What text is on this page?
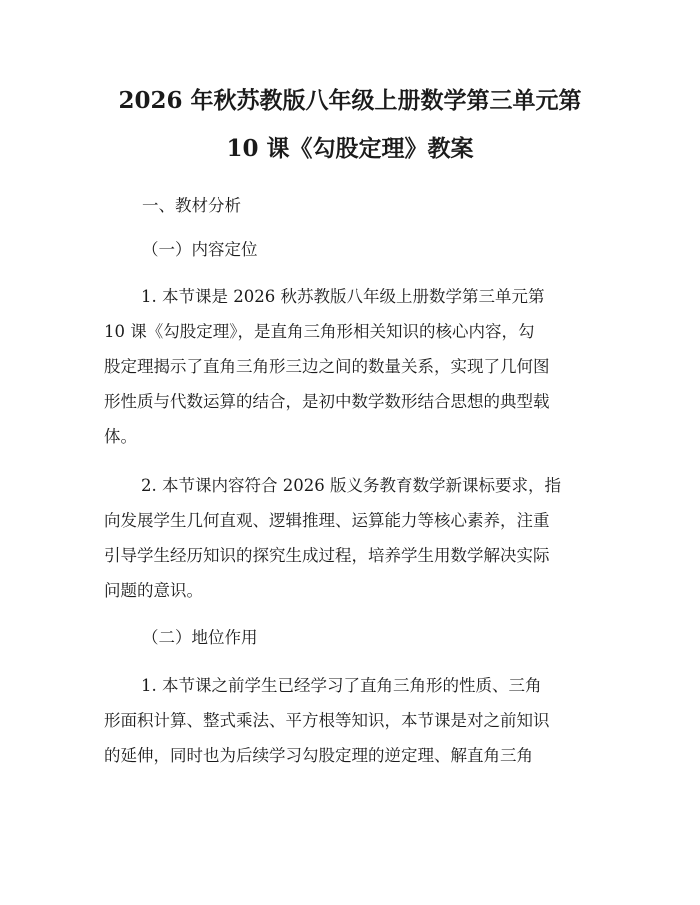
2026 年秋苏教版八年级上册数学第三单元第
10 课《勾股定理》教案
一、教材分析
（一）内容定位
1. 本节课是 2026 秋苏教版八年级上册数学第三单元第
10 课《勾股定理》，是直角三角形相关知识的核心内容，勾
股定理揭示了直角三角形三边之间的数量关系，实现了几何图
形性质与代数运算的结合，是初中数学数形结合思想的典型载
体。
2. 本节课内容符合 2026 版义务教育数学新课标要求，指
向发展学生几何直观、逻辑推理、运算能力等核心素养，注重
引导学生经历知识的探究生成过程，培养学生用数学解决实际
问题的意识。
（二）地位作用
1. 本节课之前学生已经学习了直角三角形的性质、三角
形面积计算、整式乘法、平方根等知识，本节课是对之前知识
的延伸，同时也为后续学习勾股定理的逆定理、解直角三角
